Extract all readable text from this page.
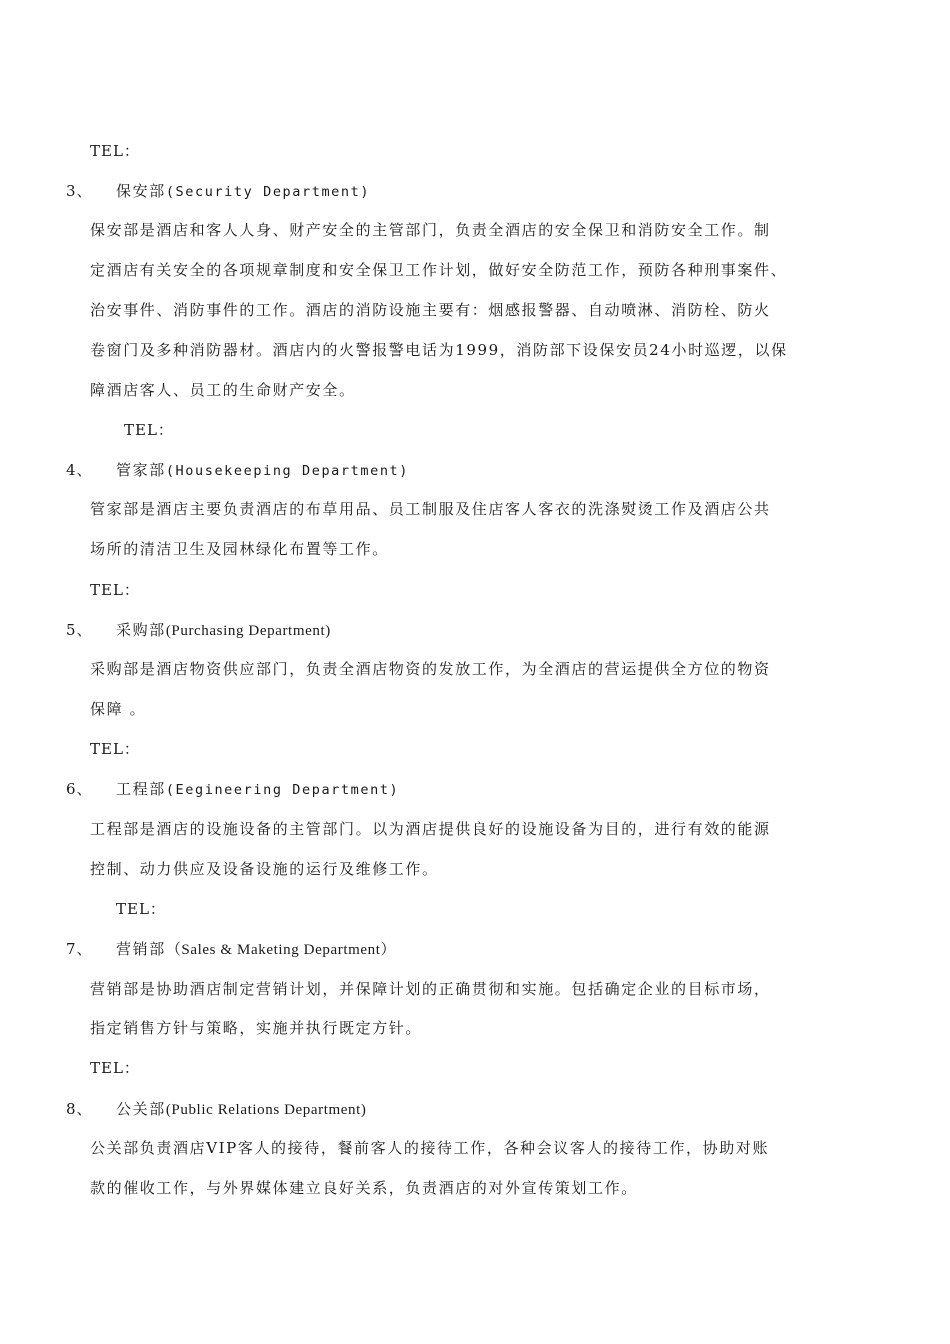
TEL：
3、 保安部(Security Department)
保安部是酒店和客人人身、财产安全的主管部门，负责全酒店的安全保卫和消防安全工作。制
定酒店有关安全的各项规章制度和安全保卫工作计划，做好安全防范工作，预防各种刑事案件、
治安事件、消防事件的工作。酒店的消防设施主要有：烟感报警器、自动喷淋、消防栓、防火
卷窗门及多种消防器材。酒店内的火警报警电话为1999，消防部下设保安员24小时巡逻，以保
障酒店客人、员工的生命财产安全。
TEL：
4、 管家部(Housekeeping Department)
管家部是酒店主要负责酒店的布草用品、员工制服及住店客人客衣的洗涤熨烫工作及酒店公共
场所的清洁卫生及园林绿化布置等工作。
TEL：
5、 采购部(Purchasing Department)
采购部是酒店物资供应部门，负责全酒店物资的发放工作，为全酒店的营运提供全方位的物资
保障 。
TEL：
6、 工程部(Eegineering Department)
工程部是酒店的设施设备的主管部门。以为酒店提供良好的设施设备为目的，进行有效的能源
控制、动力供应及设备设施的运行及维修工作。
TEL：
7、 营销部（Sales & Maketing Department）
营销部是协助酒店制定营销计划，并保障计划的正确贯彻和实施。包括确定企业的目标市场，
指定销售方针与策略，实施并执行既定方针。
TEL：
8、 公关部(Public Relations Department)
公关部负责酒店VIP客人的接待，餐前客人的接待工作，各种会议客人的接待工作，协助对账
款的催收工作，与外界媒体建立良好关系，负责酒店的对外宣传策划工作。
